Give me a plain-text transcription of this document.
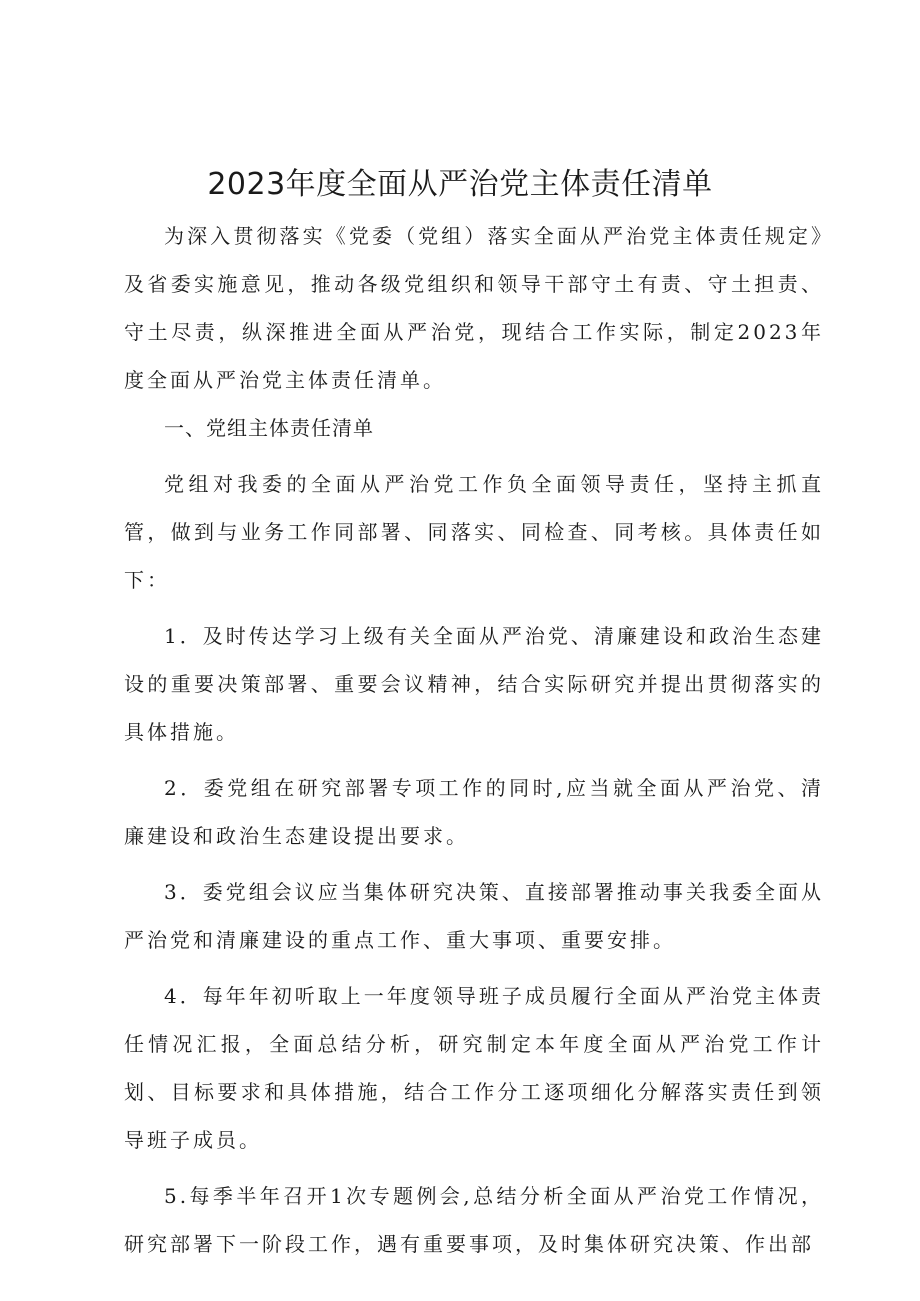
2023年度全面从严治党主体责任清单

为深入贯彻落实《党委（党组）落实全面从严治党主体责任规定》及省委实施意见，推动各级党组织和领导干部守土有责、守土担责、守土尽责，纵深推进全面从严治党，现结合工作实际，制定2023年度全面从严治党主体责任清单。

一、党组主体责任清单

党组对我委的全面从严治党工作负全面领导责任，坚持主抓直管，做到与业务工作同部署、同落实、同检查、同考核。具体责任如下：

1．及时传达学习上级有关全面从严治党、清廉建设和政治生态建设的重要决策部署、重要会议精神，结合实际研究并提出贯彻落实的具体措施。

2．委党组在研究部署专项工作的同时,应当就全面从严治党、清廉建设和政治生态建设提出要求。

3．委党组会议应当集体研究决策、直接部署推动事关我委全面从严治党和清廉建设的重点工作、重大事项、重要安排。

4．每年年初听取上一年度领导班子成员履行全面从严治党主体责任情况汇报，全面总结分析，研究制定本年度全面从严治党工作计划、目标要求和具体措施，结合工作分工逐项细化分解落实责任到领导班子成员。

5.每季半年召开1次专题例会,总结分析全面从严治党工作情况，研究部署下一阶段工作，遇有重要事项，及时集体研究决策、作出部
